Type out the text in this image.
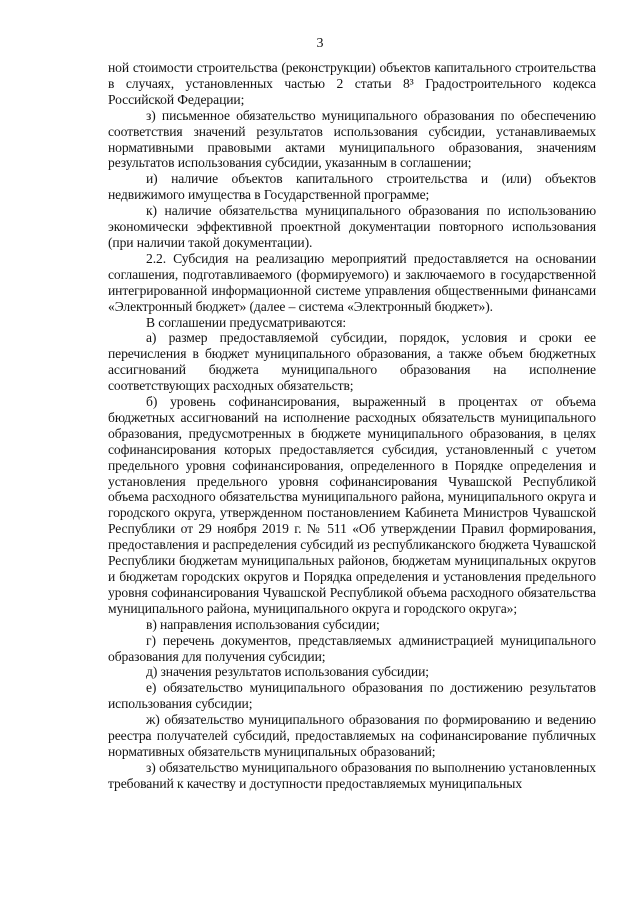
3

ной стоимости строительства (реконструкции) объектов капитального строительства в случаях, установленных частью 2 статьи 8³ Градостроительного кодекса Российской Федерации;

з) письменное обязательство муниципального образования по обеспечению соответствия значений результатов использования субсидии, устанавливаемых нормативными правовыми актами муниципального образования, значениям результатов использования субсидии, указанным в соглашении;

и) наличие объектов капитального строительства и (или) объектов недвижимого имущества в Государственной программе;

к) наличие обязательства муниципального образования по использованию экономически эффективной проектной документации повторного использования (при наличии такой документации).

2.2. Субсидия на реализацию мероприятий предоставляется на основании соглашения, подготавливаемого (формируемого) и заключаемого в государственной интегрированной информационной системе управления общественными финансами «Электронный бюджет» (далее – система «Электронный бюджет»).

В соглашении предусматриваются:

а) размер предоставляемой субсидии, порядок, условия и сроки ее перечисления в бюджет муниципального образования, а также объем бюджетных ассигнований бюджета муниципального образования на исполнение соответствующих расходных обязательств;

б) уровень софинансирования, выраженный в процентах от объема бюджетных ассигнований на исполнение расходных обязательств муниципального образования, предусмотренных в бюджете муниципального образования, в целях софинансирования которых предоставляется субсидия, установленный с учетом предельного уровня софинансирования, определенного в Порядке определения и установления предельного уровня софинансирования Чувашской Республикой объема расходного обязательства муниципального района, муниципального округа и городского округа, утвержденном постановлением Кабинета Министров Чувашской Республики от 29 ноября 2019 г. № 511 «Об утверждении Правил формирования, предоставления и распределения субсидий из республиканского бюджета Чувашской Республики бюджетам муниципальных районов, бюджетам муниципальных округов и бюджетам городских округов и Порядка определения и установления предельного уровня софинансирования Чувашской Республикой объема расходного обязательства муниципального района, муниципального округа и городского округа»;

в) направления использования субсидии;

г) перечень документов, представляемых администрацией муниципального образования для получения субсидии;

д) значения результатов использования субсидии;

е) обязательство муниципального образования по достижению результатов использования субсидии;

ж) обязательство муниципального образования по формированию и ведению реестра получателей субсидий, предоставляемых на софинансирование публичных нормативных обязательств муниципальных образований;

з) обязательство муниципального образования по выполнению установленных требований к качеству и доступности предоставляемых муниципальных
